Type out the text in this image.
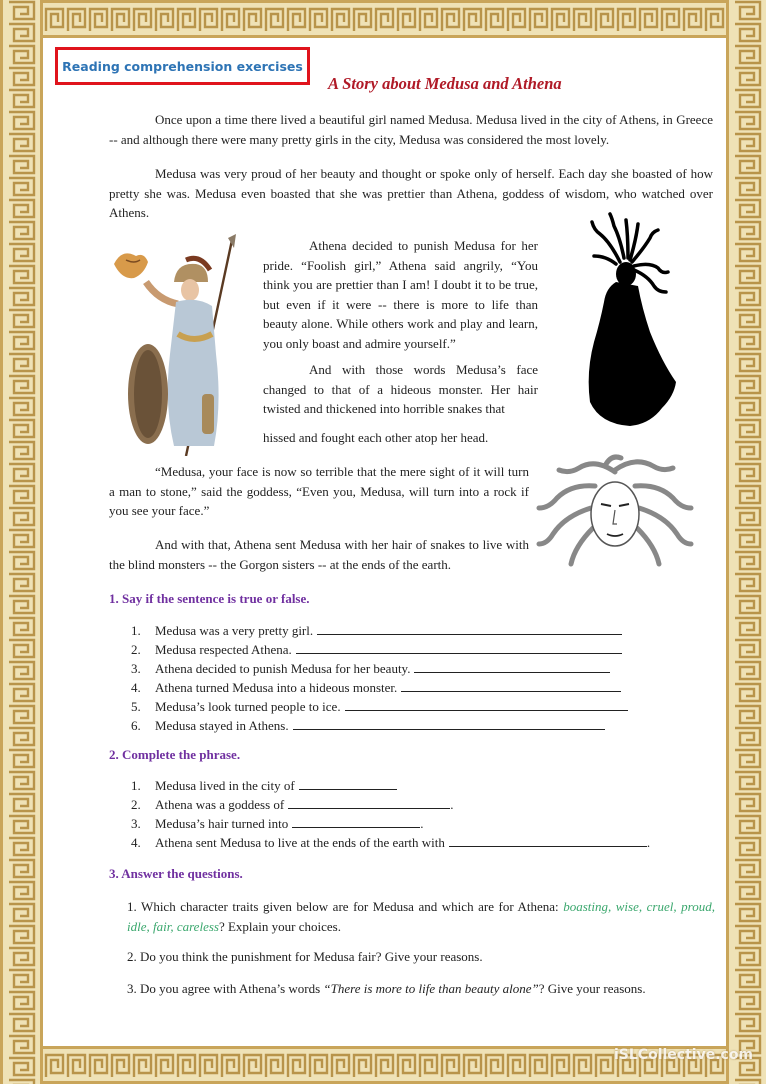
Reading comprehension exercises
A Story about Medusa and Athena
Once upon a time there lived a beautiful girl named Medusa. Medusa lived in the city of Athens, in Greece -- and although there were many pretty girls in the city, Medusa was considered the most lovely.
Medusa was very proud of her beauty and thought or spoke only of herself. Each day she boasted of how pretty she was. Medusa even boasted that she was prettier than Athena, goddess of wisdom, who watched over Athens.
Athena decided to punish Medusa for her pride. “Foolish girl,” Athena said angrily, “You think you are prettier than I am! I doubt it to be true, but even if it were -- there is more to life than beauty alone. While others work and play and learn, you only boast and admire yourself.”
And with those words Medusa’s face changed to that of a hideous monster. Her hair twisted and thickened into horrible snakes that
hissed and fought each other atop her head.
“Medusa, your face is now so terrible that the mere sight of it will turn a man to stone,” said the goddess, “Even you, Medusa, will turn into a rock if you see your face.”
And with that, Athena sent Medusa with her hair of snakes to live with the blind monsters -- the Gorgon sisters -- at the ends of the earth.
1. Say if the sentence is true or false.
1.	Medusa was a very pretty girl.
2.	Medusa respected Athena.
3.	Athena decided to punish Medusa for her beauty.
4.	Athena turned Medusa into a hideous monster.
5.	Medusa’s look turned people to ice.
6.	Medusa stayed in Athens.
2. Complete the phrase.
1.	Medusa lived in the city of
2.	Athena was a goddess of	.
3.	Medusa’s hair turned into	.
4.	Athena sent Medusa to live at the ends of the earth with	.
3. Answer the questions.
1. Which character traits given below are for Medusa and which are for Athena: boasting, wise, cruel, proud, idle, fair, careless? Explain your choices.
2. Do you think the punishment for Medusa fair? Give your reasons.
3. Do you agree with Athena’s words “There is more to life than beauty alone”? Give your reasons.
iSLCollective.com
